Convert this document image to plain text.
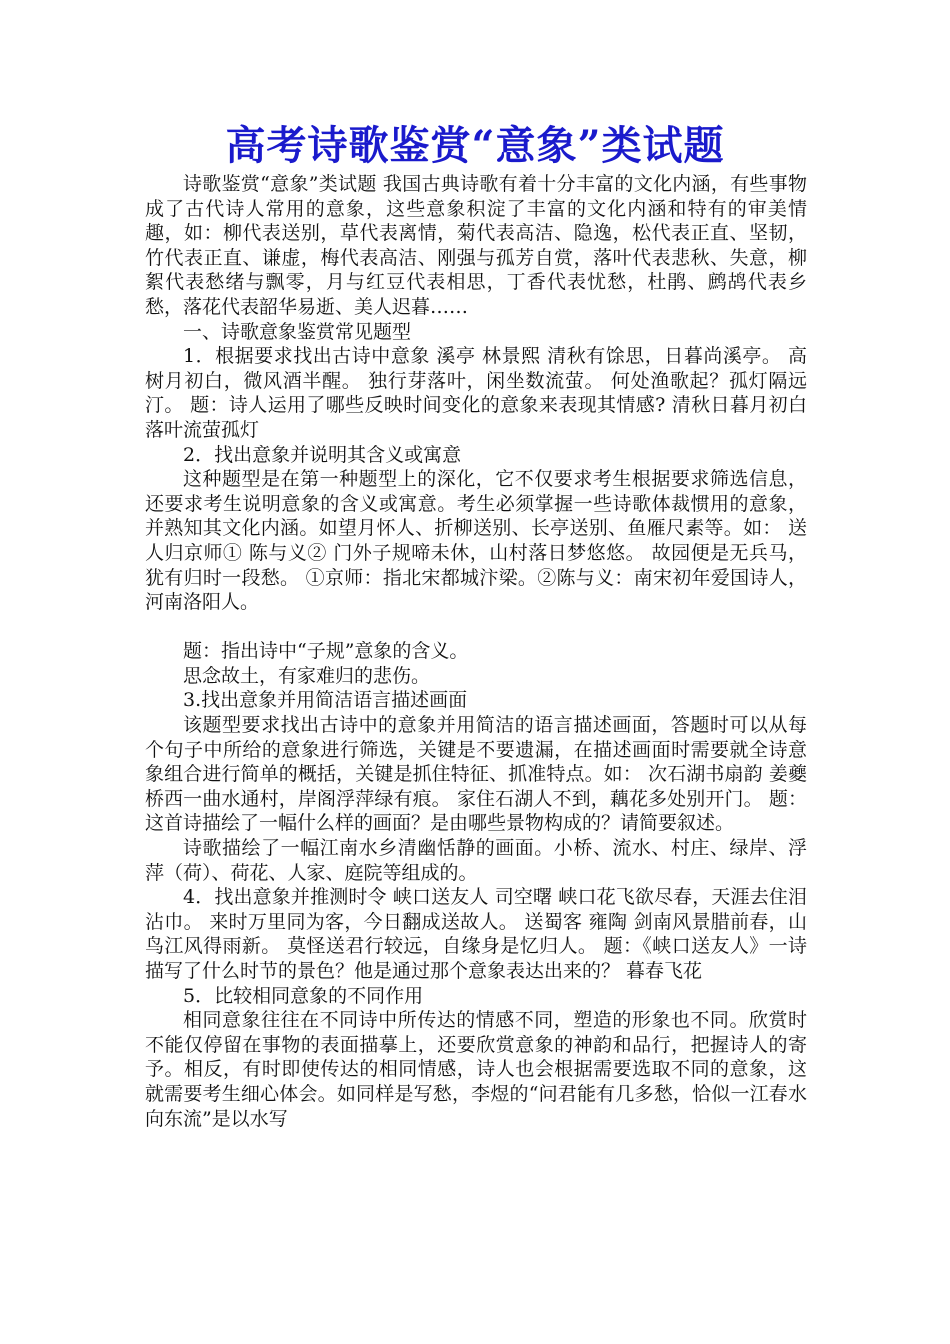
高考诗歌鉴赏“意象”类试题

诗歌鉴赏“意象”类试题 我国古典诗歌有着十分丰富的文化内涵，有些事物成了古代诗人常用的意象，这些意象积淀了丰富的文化内涵和特有的审美情趣，如：柳代表送别，草代表离情，菊代表高洁、隐逸，松代表正直、坚韧，竹代表正直、谦虚，梅代表高洁、刚强与孤芳自赏，落叶代表悲秋、失意，柳絮代表愁绪与飘零，月与红豆代表相思，丁香代表忧愁，杜鹃、鹧鸪代表乡愁，落花代表韶华易逝、美人迟暮……

一、诗歌意象鉴赏常见题型

1．根据要求找出古诗中意象 溪亭 林景熙 清秋有馀思，日暮尚溪亭。 高树月初白，微风酒半醒。 独行芽落叶，闲坐数流萤。 何处渔歌起？孤灯隔远汀。 题：诗人运用了哪些反映时间变化的意象来表现其情感? 清秋日暮月初白落叶流萤孤灯

2．找出意象并说明其含义或寓意

这种题型是在第一种题型上的深化，它不仅要求考生根据要求筛选信息，还要求考生说明意象的含义或寓意。考生必须掌握一些诗歌体裁惯用的意象，并熟知其文化内涵。如望月怀人、折柳送别、长亭送别、鱼雁尺素等。如： 送人归京师① 陈与义② 门外子规啼未休，山村落日梦悠悠。 故园便是无兵马，犹有归时一段愁。 ①京师：指北宋都城汴梁。②陈与义：南宋初年爱国诗人，河南洛阳人。

题：指出诗中“子规”意象的含义。

思念故土，有家难归的悲伤。

3.找出意象并用简洁语言描述画面

该题型要求找出古诗中的意象并用简洁的语言描述画面，答题时可以从每个句子中所给的意象进行筛选，关键是不要遗漏，在描述画面时需要就全诗意象组合进行简单的概括，关键是抓住特征、抓准特点。如： 次石湖书扇韵 姜夔 桥西一曲水通村，岸阁浮萍绿有痕。 家住石湖人不到，藕花多处别开门。 题：这首诗描绘了一幅什么样的画面？是由哪些景物构成的？请简要叙述。

诗歌描绘了一幅江南水乡清幽恬静的画面。小桥、流水、村庄、绿岸、浮萍（荷）、荷花、人家、庭院等组成的。

4．找出意象并推测时令 峡口送友人 司空曙 峡口花飞欲尽春，天涯去住泪沾巾。 来时万里同为客，今日翻成送故人。 送蜀客 雍陶 剑南风景腊前春，山鸟江风得雨新。 莫怪送君行较远，自缘身是忆归人。 题：《峡口送友人》一诗描写了什么时节的景色？他是通过那个意象表达出来的？ 暮春飞花

5．比较相同意象的不同作用

相同意象往往在不同诗中所传达的情感不同，塑造的形象也不同。欣赏时不能仅停留在事物的表面描摹上，还要欣赏意象的神韵和品行，把握诗人的寄予。相反，有时即使传达的相同情感，诗人也会根据需要选取不同的意象，这就需要考生细心体会。如同样是写愁，李煜的“问君能有几多愁，恰似一江春水向东流”是以水写
